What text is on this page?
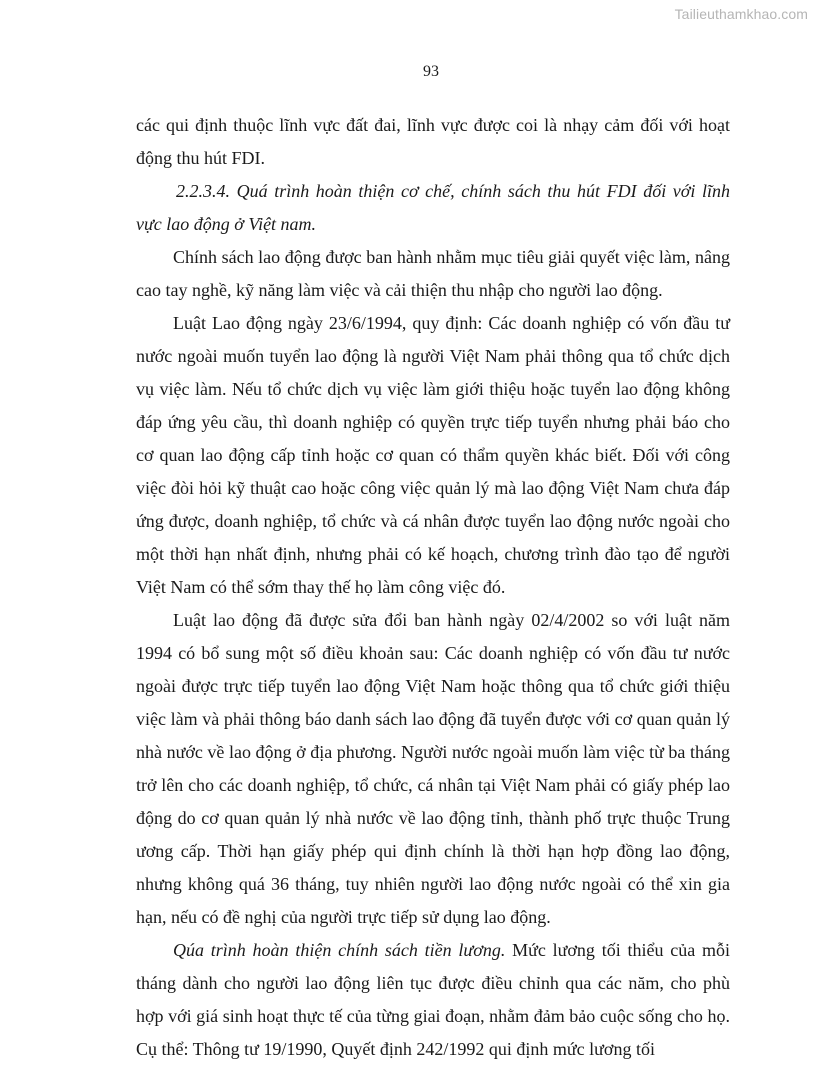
Tailieuthamkhao.com
93

các qui định thuộc lĩnh vực đất đai, lĩnh vực được coi là nhạy cảm đối với hoạt động thu hút FDI.

2.2.3.4. Quá trình hoàn thiện cơ chế, chính sách thu hút FDI đối với lĩnh vực lao động ở Việt nam.

Chính sách lao động được ban hành nhằm mục tiêu giải quyết việc làm, nâng cao tay nghề, kỹ năng làm việc và cải thiện thu nhập cho người lao động.

Luật Lao động ngày 23/6/1994, quy định: Các doanh nghiệp có vốn đầu tư nước ngoài muốn tuyển lao động là người Việt Nam phải thông qua tổ chức dịch vụ việc làm. Nếu tổ chức dịch vụ việc làm giới thiệu hoặc tuyển lao động không đáp ứng yêu cầu, thì doanh nghiệp có quyền trực tiếp tuyển nhưng phải báo cho cơ quan lao động cấp tỉnh hoặc cơ quan có thẩm quyền khác biết. Đối với công việc đòi hỏi kỹ thuật cao hoặc công việc quản lý mà lao động Việt Nam chưa đáp ứng được, doanh nghiệp, tổ chức và cá nhân được tuyển lao động nước ngoài cho một thời hạn nhất định, nhưng phải có kế hoạch, chương trình đào tạo để người Việt Nam có thể sớm thay thế họ làm công việc đó.

Luật lao động đã được sửa đổi ban hành ngày 02/4/2002 so với luật năm 1994 có bổ sung một số điều khoản sau: Các doanh nghiệp có vốn đầu tư nước ngoài được trực tiếp tuyển lao động Việt Nam hoặc thông qua tổ chức giới thiệu việc làm và phải thông báo danh sách lao động đã tuyển được với cơ quan quản lý nhà nước về lao động ở địa phương. Người nước ngoài muốn làm việc từ ba tháng trở lên cho các doanh nghiệp, tổ chức, cá nhân tại Việt Nam phải có giấy phép lao động do cơ quan quản lý nhà nước về lao động tỉnh, thành phố trực thuộc Trung ương cấp. Thời hạn giấy phép qui định chính là thời hạn hợp đồng lao động, nhưng không quá 36 tháng, tuy nhiên người lao động nước ngoài có thể xin gia hạn, nếu có đề nghị của người trực tiếp sử dụng lao động.

Qúa trình hoàn thiện chính sách tiền lương. Mức lương tối thiểu của mỗi tháng dành cho người lao động liên tục được điều chỉnh qua các năm, cho phù hợp với giá sinh hoạt thực tế của từng giai đoạn, nhằm đảm bảo cuộc sống cho họ. Cụ thể: Thông tư 19/1990, Quyết định 242/1992 qui định mức lương tối
